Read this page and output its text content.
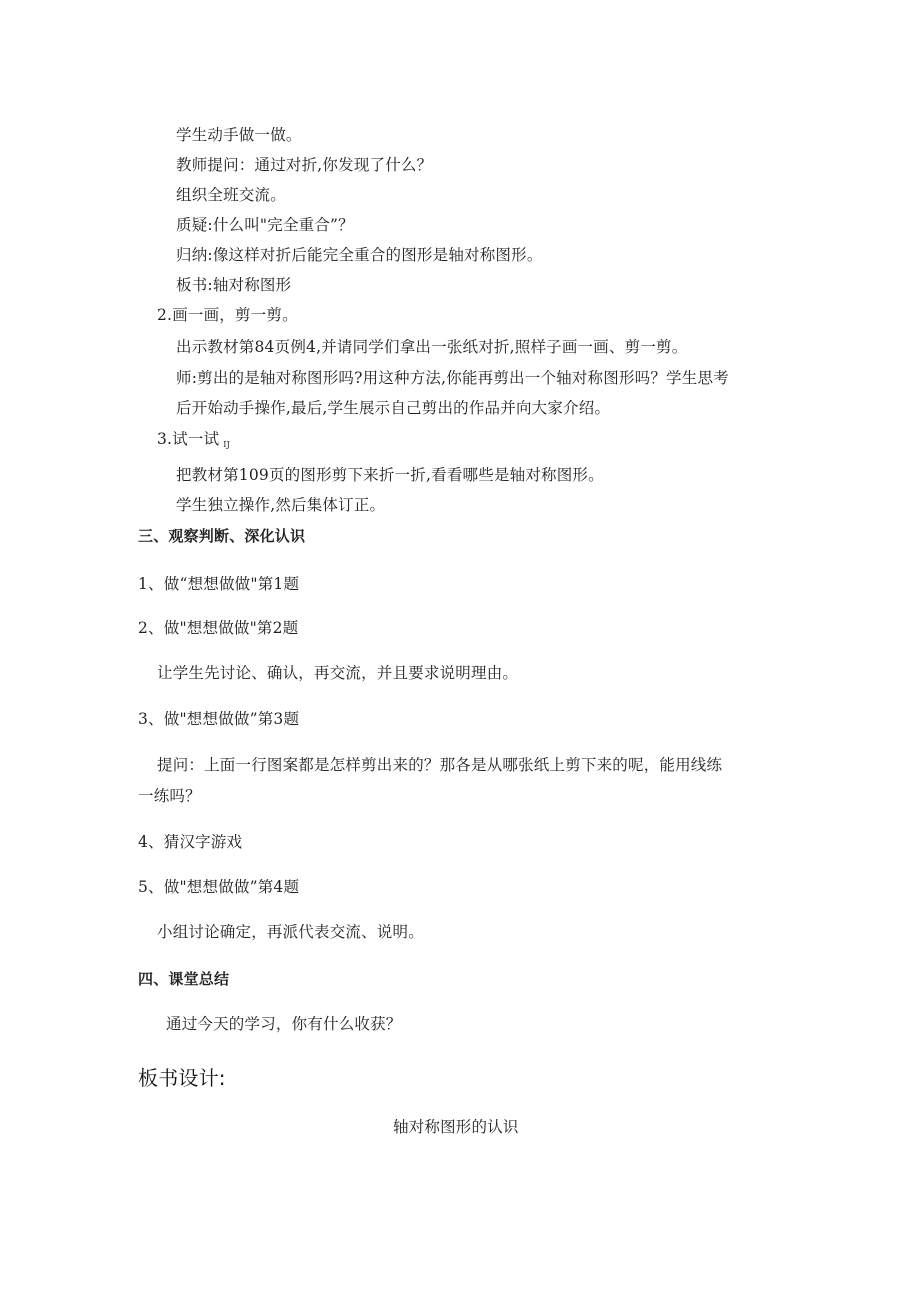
学生动手做一做。
教师提问：通过对折,你发现了什么？
组织全班交流。
质疑:什么叫"完全重合”？
归纳:像这样对折后能完全重合的图形是轴对称图形。
板书:轴对称图形
2.画一画，剪一剪。
出示教材第84页例4,并请同学们拿出一张纸对折,照样子画一画、剪一剪。
师:剪出的是轴对称图形吗?用这种方法,你能再剪出一个轴对称图形吗？学生思考
后开始动手操作,最后,学生展示自己剪出的作品并向大家介绍。
3.试一试 $_{IJ}$
把教材第109页的图形剪下来折一折,看看哪些是轴对称图形。
学生独立操作,然后集体订正。
三、观察判断、深化认识
1、做“想想做做"第1题
2、做"想想做做"第2题
让学生先讨论、确认，再交流，并且要求说明理由。
3、做"想想做做”第3题
提问：上面一行图案都是怎样剪出来的？那各是从哪张纸上剪下来的呢，能用线练
一练吗？
4、猜汉字游戏
5、做"想想做做”第4题
小组讨论确定，再派代表交流、说明。
四、课堂总结
通过今天的学习，你有什么收获？
板书设计:
轴对称图形的认识
